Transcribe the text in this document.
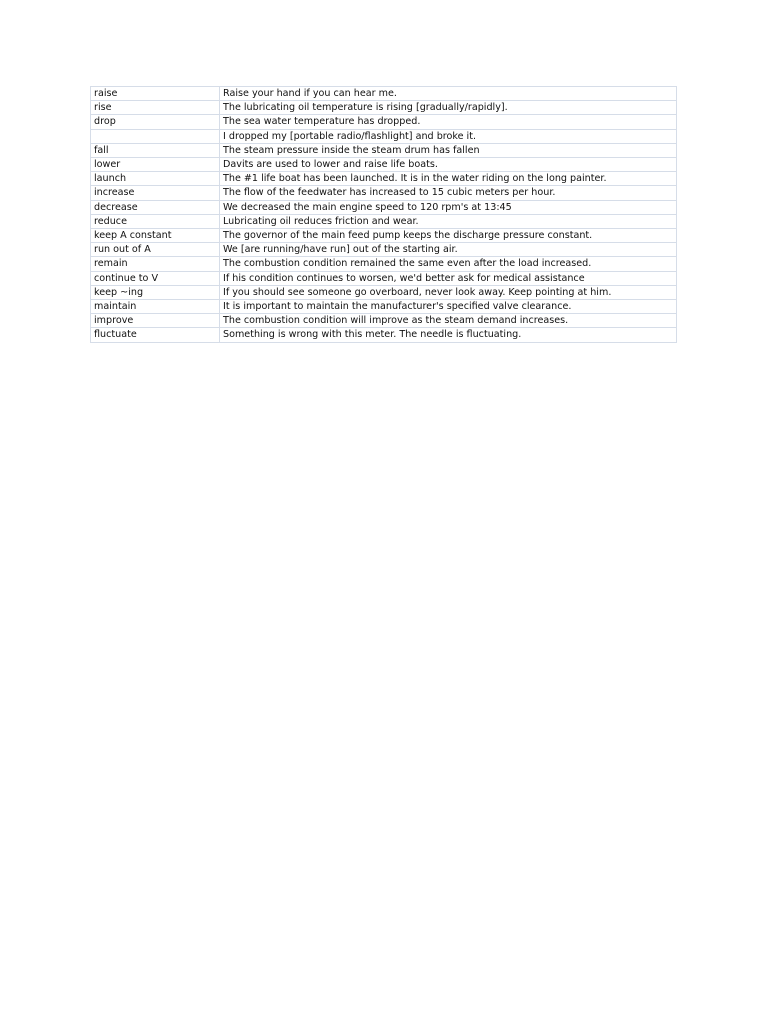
raise	Raise your hand if you can hear me.
rise	The lubricating oil temperature is rising [gradually/rapidly].
drop	The sea water temperature has dropped.
	I dropped my [portable radio/flashlight] and broke it.
fall	The steam pressure inside the steam drum has fallen
lower	Davits are used to lower and raise life boats.
launch	The #1 life boat has been launched. It is in the water riding on the long painter.
increase	The flow of the feedwater has increased to 15 cubic meters per hour.
decrease	We decreased the main engine speed to 120 rpm's at 13:45
reduce	Lubricating oil reduces friction and wear.
keep A constant	The governor of the main feed pump keeps the discharge pressure constant.
run out of A	We [are running/have run] out of the starting air.
remain	The combustion condition remained the same even after the load increased.
continue to V	If his condition continues to worsen, we'd better ask for medical assistance
keep ~ing	If you should see someone go overboard, never look away. Keep pointing at him.
maintain	It is important to maintain the manufacturer's specified valve clearance.
improve	The combustion condition will improve as the steam demand increases.
fluctuate	Something is wrong with this meter. The needle is fluctuating.
